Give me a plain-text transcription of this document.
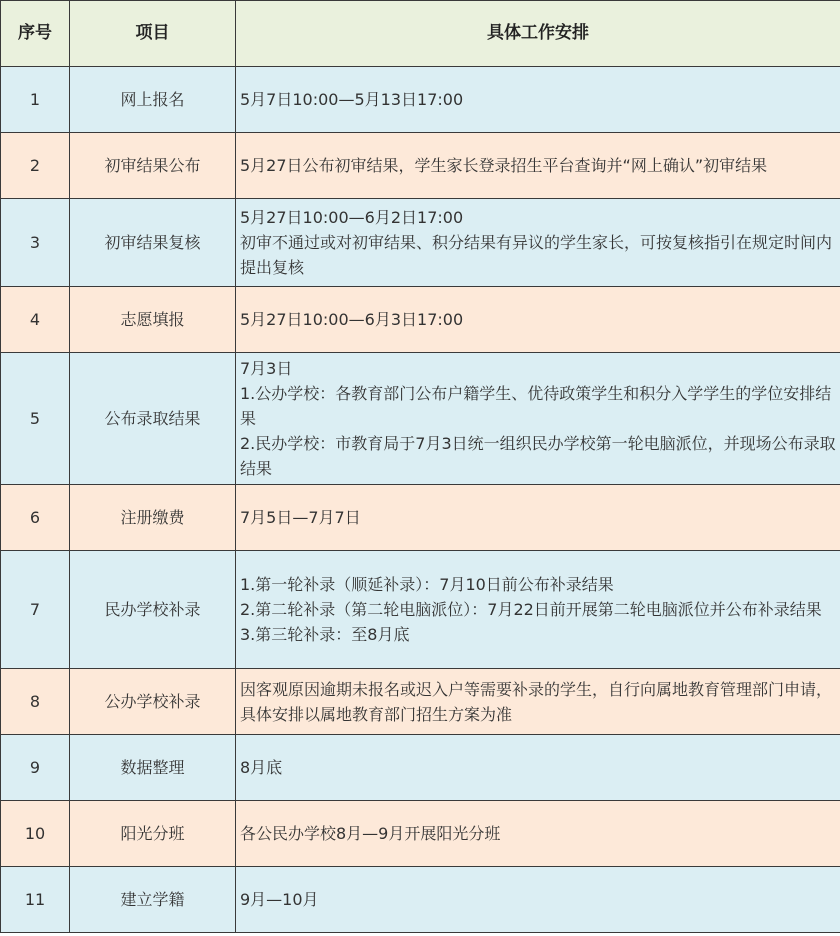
序号	项目	具体工作安排
1	网上报名	5月7日10:00—5月13日17:00

2	初审结果公布	5月27日公布初审结果，学生家长登录招生平台查询并“网上确认”初审结果

3	初审结果复核	5月27日10:00—6月2日17:00
初审不通过或对初审结果、积分结果有异议的学生家长，可按复核指引在规定时间内提出复核

4	志愿填报	5月27日10:00—6月3日17:00

5	公布录取结果	7月3日
1.公办学校：各教育部门公布户籍学生、优待政策学生和积分入学学生的学位安排结果
2.民办学校：市教育局于7月3日统一组织民办学校第一轮电脑派位，并现场公布录取结果

6	注册缴费	7月5日—7月7日

7	民办学校补录	1.第一轮补录（顺延补录）：7月10日前公布补录结果
2.第二轮补录（第二轮电脑派位）：7月22日前开展第二轮电脑派位并公布补录结果
3.第三轮补录：至8月底

8	公办学校补录	因客观原因逾期未报名或迟入户等需要补录的学生，自行向属地教育管理部门申请，具体安排以属地教育部门招生方案为准

9	数据整理	8月底

10	阳光分班	各公民办学校8月—9月开展阳光分班

11	建立学籍	9月—10月
